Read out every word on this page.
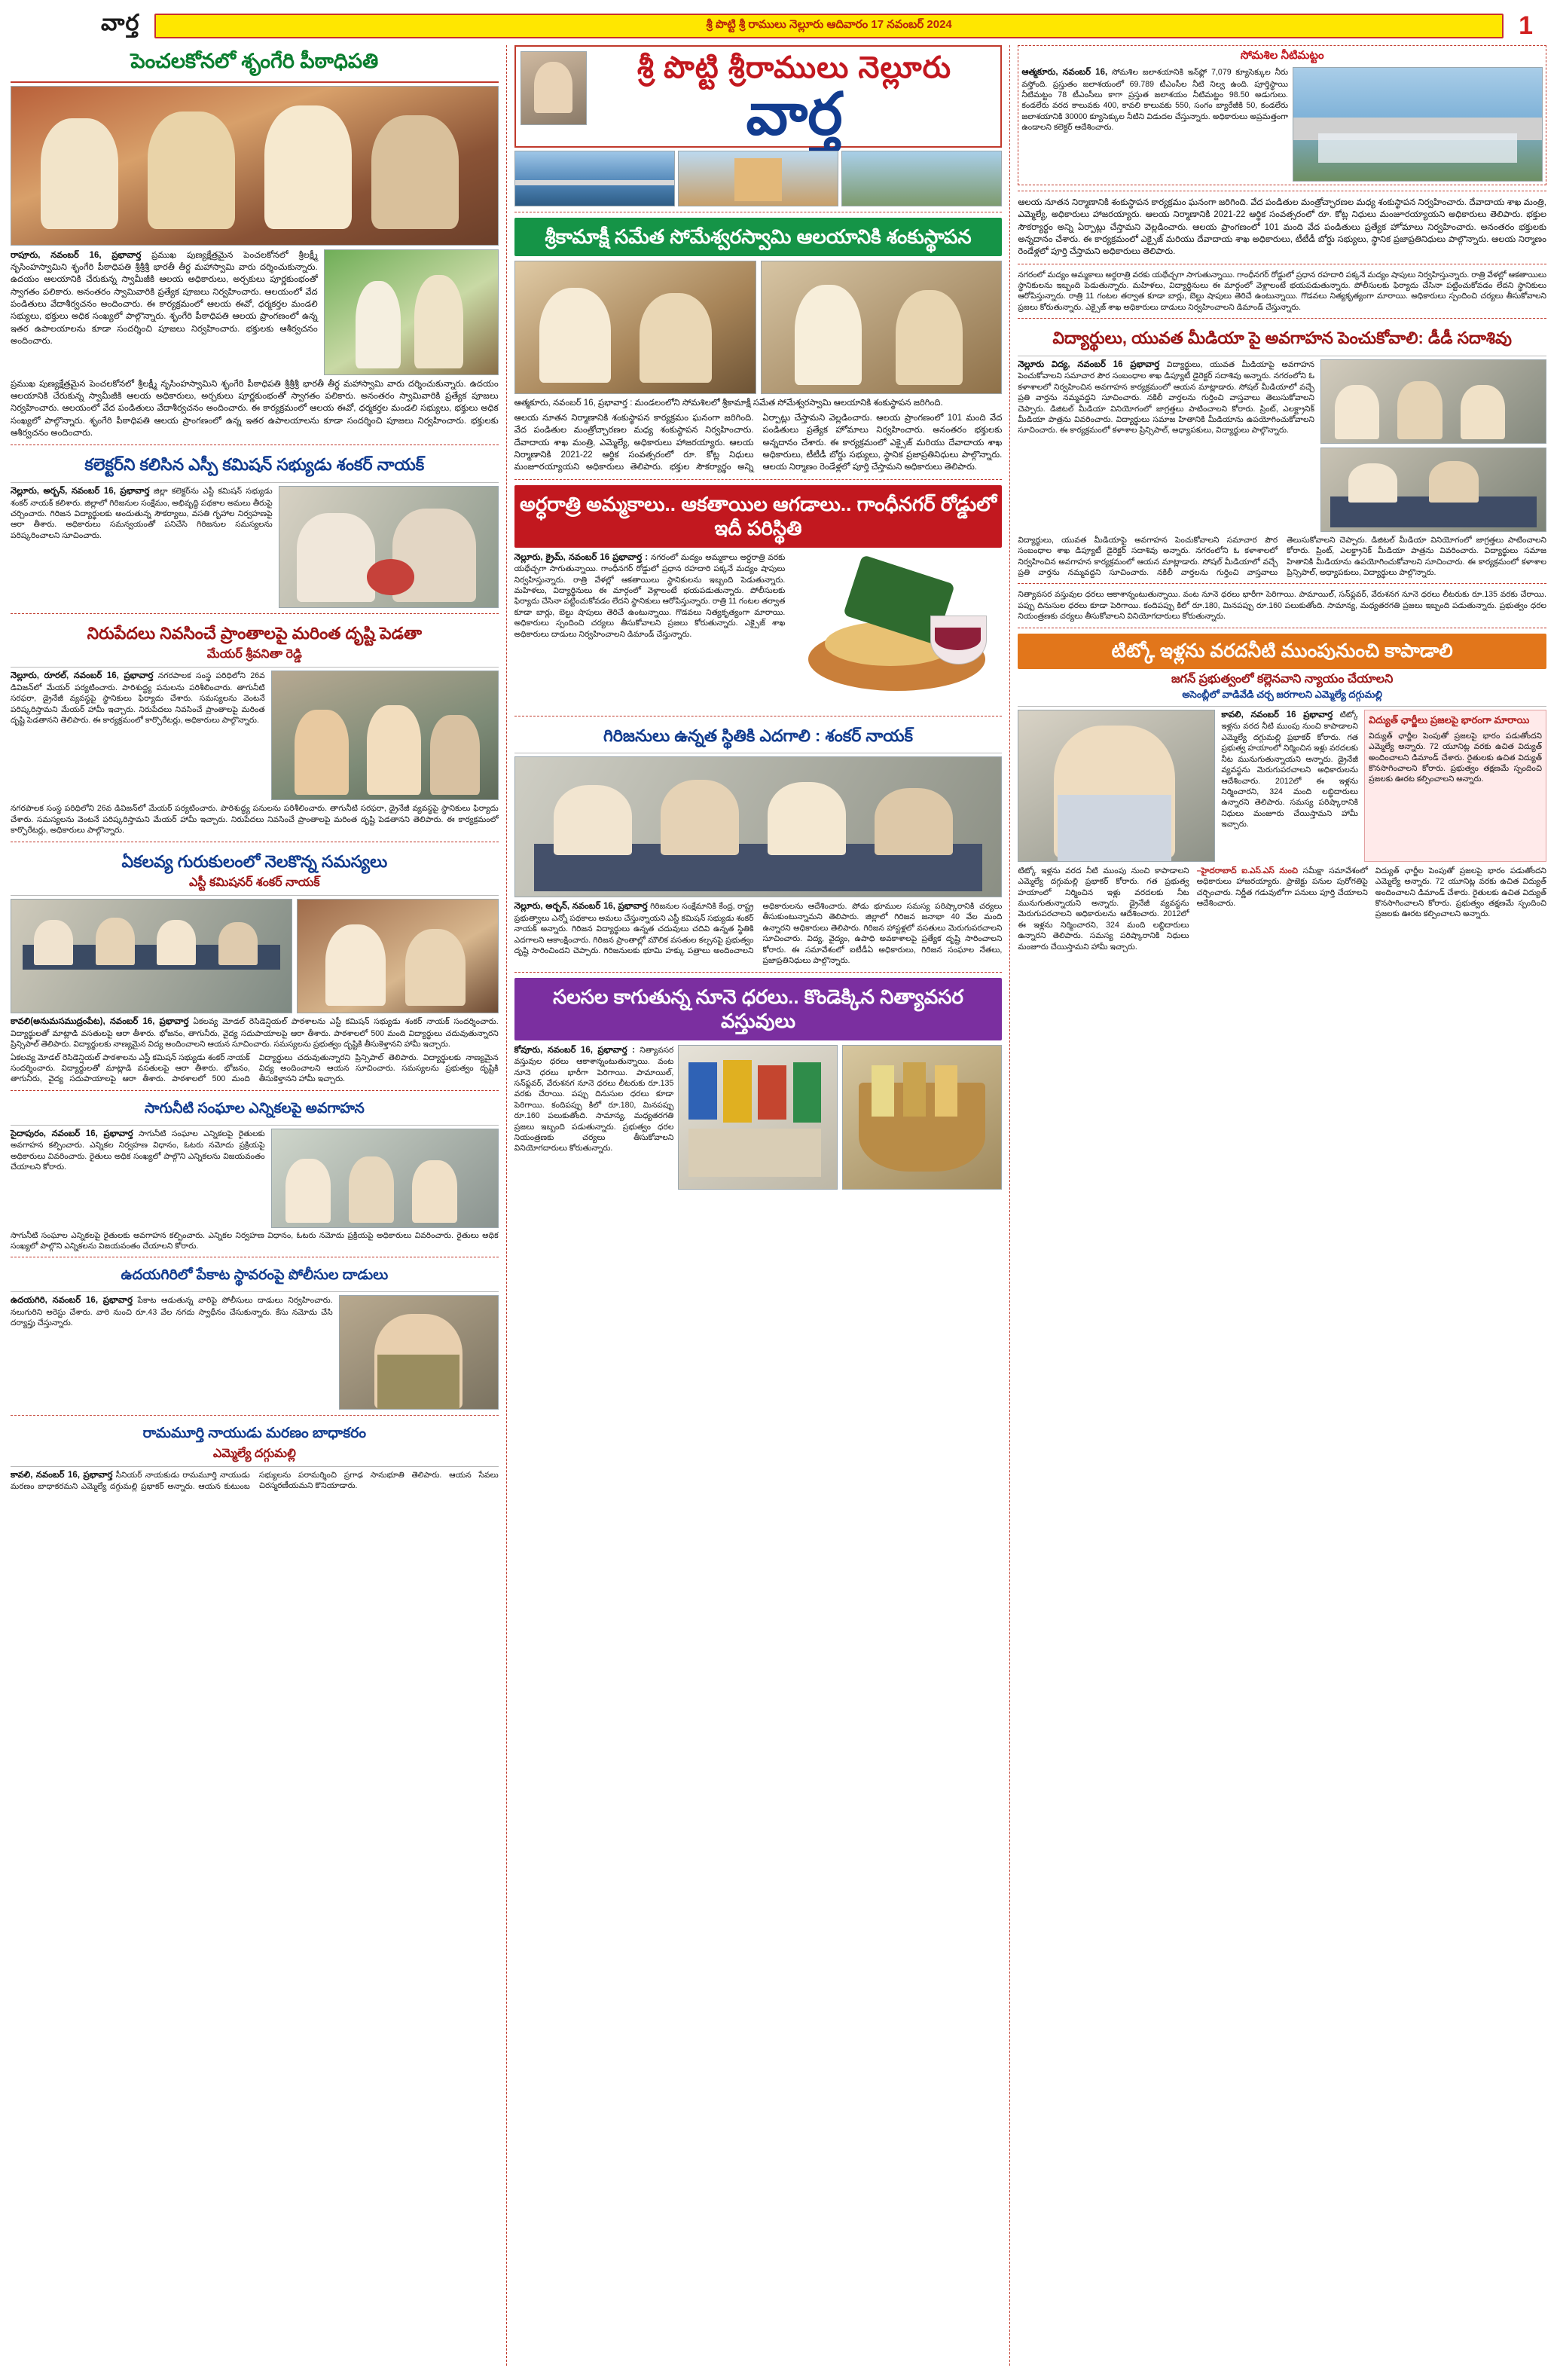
వార్త	శ్రీ పొట్టి శ్రీ రాములు నెల్లూరు ఆదివారం 17 నవంబర్ 2024	1
పెంచలకోనలో శృంగేరి పీఠాధిపతి
రాపూరు, నవంబర్ 16, ప్రభావార్త ప్రముఖ పుణ్యక్షేత్రమైన పెంచలకోనలో శ్రీలక్ష్మీ నృసింహస్వామిని శృంగేరి పీఠాధిపతి శ్రీశ్రీశ్రీ భారతీ తీర్థ మహాస్వామి వారు దర్శించుకున్నారు. ఉదయం ఆలయానికి చేరుకున్న స్వామీజీకి ఆలయ అధికారులు, అర్చకులు పూర్ణకుంభంతో స్వాగతం పలికారు. అనంతరం స్వామివారికి ప్రత్యేక పూజలు నిర్వహించారు. ఆలయంలో వేద పండితులు వేదాశీర్వచనం అందించారు. ఈ కార్యక్రమంలో ఆలయ ఈవో, ధర్మకర్తల మండలి సభ్యులు, భక్తులు అధిక సంఖ్యలో పాల్గొన్నారు. శృంగేరి పీఠాధిపతి ఆలయ ప్రాంగణంలో ఉన్న ఇతర ఉపాలయాలను కూడా సందర్శించి పూజలు నిర్వహించారు. భక్తులకు ఆశీర్వచనం అందించారు.
ప్రముఖ పుణ్యక్షేత్రమైన పెంచలకోనలో శ్రీలక్ష్మీ నృసింహస్వామిని శృంగేరి పీఠాధిపతి శ్రీశ్రీశ్రీ భారతీ తీర్థ మహాస్వామి వారు దర్శించుకున్నారు. ఉదయం ఆలయానికి చేరుకున్న స్వామీజీకి ఆలయ అధికారులు, అర్చకులు పూర్ణకుంభంతో స్వాగతం పలికారు. అనంతరం స్వామివారికి ప్రత్యేక పూజలు నిర్వహించారు. ఆలయంలో వేద పండితులు వేదాశీర్వచనం అందించారు. ఈ కార్యక్రమంలో ఆలయ ఈవో, ధర్మకర్తల మండలి సభ్యులు, భక్తులు అధిక సంఖ్యలో పాల్గొన్నారు. శృంగేరి పీఠాధిపతి ఆలయ ప్రాంగణంలో ఉన్న ఇతర ఉపాలయాలను కూడా సందర్శించి పూజలు నిర్వహించారు. భక్తులకు ఆశీర్వచనం అందించారు.
కలెక్టర్‌ని కలిసిన ఎస్పీ కమిషన్ సభ్యుడు శంకర్ నాయక్
నెల్లూరు, అర్బన్, నవంబర్ 16, ప్రభావార్త జిల్లా కలెక్టర్‌ను ఎస్టీ కమిషన్ సభ్యుడు శంకర్ నాయక్ కలిశారు. జిల్లాలో గిరిజనుల సంక్షేమం, అభివృద్ధి పథకాల అమలు తీరుపై చర్చించారు. గిరిజన విద్యార్థులకు అందుతున్న సౌకర్యాలు, వసతి గృహాల నిర్వహణపై ఆరా తీశారు. అధికారులు సమన్వయంతో పనిచేసి గిరిజనుల సమస్యలను పరిష్కరించాలని సూచించారు.
నిరుపేదలు నివసించే ప్రాంతాలపై మరింత దృష్టి పెడతా
మేయర్ శ్రీవనితా రెడ్డి
నెల్లూరు, రూరల్, నవంబర్ 16, ప్రభావార్త నగరపాలక సంస్థ పరిధిలోని 26వ డివిజన్‌లో మేయర్ పర్యటించారు. పారిశుద్ధ్య పనులను పరిశీలించారు. తాగునీటి సరఫరా, డ్రైనేజీ వ్యవస్థపై స్థానికులు ఫిర్యాదు చేశారు. సమస్యలను వెంటనే పరిష్కరిస్తామని మేయర్ హామీ ఇచ్చారు. నిరుపేదలు నివసించే ప్రాంతాలపై మరింత దృష్టి పెడతానని తెలిపారు. ఈ కార్యక్రమంలో కార్పొరేటర్లు, అధికారులు పాల్గొన్నారు.
నగరపాలక సంస్థ పరిధిలోని 26వ డివిజన్‌లో మేయర్ పర్యటించారు. పారిశుద్ధ్య పనులను పరిశీలించారు. తాగునీటి సరఫరా, డ్రైనేజీ వ్యవస్థపై స్థానికులు ఫిర్యాదు చేశారు. సమస్యలను వెంటనే పరిష్కరిస్తామని మేయర్ హామీ ఇచ్చారు. నిరుపేదలు నివసించే ప్రాంతాలపై మరింత దృష్టి పెడతానని తెలిపారు. ఈ కార్యక్రమంలో కార్పొరేటర్లు, అధికారులు పాల్గొన్నారు.
ఏకలవ్య గురుకులంలో నెలకొన్న సమస్యలు
ఎస్టీ కమిషనర్ శంకర్ నాయక్
కావలి(అనుమసముద్రంపేట), నవంబర్ 16, ప్రభావార్త ఏకలవ్య మోడల్ రెసిడెన్షియల్ పాఠశాలను ఎస్టీ కమిషన్ సభ్యుడు శంకర్ నాయక్ సందర్శించారు. విద్యార్థులతో మాట్లాడి వసతులపై ఆరా తీశారు. భోజనం, తాగునీరు, వైద్య సదుపాయాలపై ఆరా తీశారు. పాఠశాలలో 500 మంది విద్యార్థులు చదువుతున్నారని ప్రిన్సిపాల్ తెలిపారు. విద్యార్థులకు నాణ్యమైన విద్య అందించాలని ఆయన సూచించారు. సమస్యలను ప్రభుత్వం దృష్టికి తీసుకెళ్తానని హామీ ఇచ్చారు.
ఏకలవ్య మోడల్ రెసిడెన్షియల్ పాఠశాలను ఎస్టీ కమిషన్ సభ్యుడు శంకర్ నాయక్ సందర్శించారు. విద్యార్థులతో మాట్లాడి వసతులపై ఆరా తీశారు. భోజనం, తాగునీరు, వైద్య సదుపాయాలపై ఆరా తీశారు. పాఠశాలలో 500 మంది విద్యార్థులు చదువుతున్నారని ప్రిన్సిపాల్ తెలిపారు. విద్యార్థులకు నాణ్యమైన విద్య అందించాలని ఆయన సూచించారు. సమస్యలను ప్రభుత్వం దృష్టికి తీసుకెళ్తానని హామీ ఇచ్చారు.
సాగునీటి సంఘాల ఎన్నికలపై అవగాహన
సైదాపురం, నవంబర్ 16, ప్రభావార్త సాగునీటి సంఘాల ఎన్నికలపై రైతులకు అవగాహన కల్పించారు. ఎన్నికల నిర్వహణ విధానం, ఓటరు నమోదు ప్రక్రియపై అధికారులు వివరించారు. రైతులు అధిక సంఖ్యలో పాల్గొని ఎన్నికలను విజయవంతం చేయాలని కోరారు.
సాగునీటి సంఘాల ఎన్నికలపై రైతులకు అవగాహన కల్పించారు. ఎన్నికల నిర్వహణ విధానం, ఓటరు నమోదు ప్రక్రియపై అధికారులు వివరించారు. రైతులు అధిక సంఖ్యలో పాల్గొని ఎన్నికలను విజయవంతం చేయాలని కోరారు.
ఉదయగిరిలో పేకాట స్థావరంపై పోలీసుల దాడులు
ఉదయగిరి, నవంబర్ 16, ప్రభావార్త పేకాట ఆడుతున్న వారిపై పోలీసులు దాడులు నిర్వహించారు. నలుగురిని అరెస్టు చేశారు. వారి నుంచి రూ.43 వేల నగదు స్వాధీనం చేసుకున్నారు. కేసు నమోదు చేసి దర్యాప్తు చేస్తున్నారు.
రామమూర్తి నాయుడు మరణం బాధాకరం
ఎమ్మెల్యే దగ్గుమల్లి
కావలి, నవంబర్ 16, ప్రభావార్త సీనియర్ నాయకుడు రామమూర్తి నాయుడు మరణం బాధాకరమని ఎమ్మెల్యే దగ్గుమల్లి ప్రభాకర్ అన్నారు. ఆయన కుటుంబ సభ్యులను పరామర్శించి ప్రగాఢ సానుభూతి తెలిపారు. ఆయన సేవలు చిరస్మరణీయమని కొనియాడారు.
శ్రీ పొట్టి శ్రీరాములు నెల్లూరు
వార్త
శ్రీకామాక్షీ సమేత సోమేశ్వరస్వామి ఆలయానికి శంకుస్థాపన
ఆత్మకూరు, నవంబర్ 16, ప్రభావార్త : మండలంలోని సోమశిలలో శ్రీకామాక్షీ సమేత సోమేశ్వరస్వామి ఆలయానికి శంకుస్థాపన జరిగింది.
ఆలయ నూతన నిర్మాణానికి శంకుస్థాపన కార్యక్రమం ఘనంగా జరిగింది. వేద పండితుల మంత్రోచ్ఛారణల మధ్య శంకుస్థాపన నిర్వహించారు. దేవాదాయ శాఖ మంత్రి, ఎమ్మెల్యే, అధికారులు హాజరయ్యారు. ఆలయ నిర్మాణానికి 2021-22 ఆర్థిక సంవత్సరంలో రూ. కోట్ల నిధులు మంజూరయ్యాయని అధికారులు తెలిపారు. భక్తుల సౌకర్యార్థం అన్ని ఏర్పాట్లు చేస్తామని వెల్లడించారు. ఆలయ ప్రాంగణంలో 101 మంది వేద పండితులు ప్రత్యేక హోమాలు నిర్వహించారు. అనంతరం భక్తులకు అన్నదానం చేశారు. ఈ కార్యక్రమంలో ఎక్సైజ్ మరియు దేవాదాయ శాఖ అధికారులు, టీటీడీ బోర్డు సభ్యులు, స్థానిక ప్రజాప్రతినిధులు పాల్గొన్నారు. ఆలయ నిర్మాణం రెండేళ్లలో పూర్తి చేస్తామని అధికారులు తెలిపారు.
అర్ధరాత్రి అమ్మకాలు.. ఆకతాయిల ఆగడాలు.. గాంధీనగర్ రోడ్డులో ఇదీ పరిస్థితి
నెల్లూరు, క్రైమ్, నవంబర్ 16 ప్రభావార్త : నగరంలో మద్యం అమ్మకాలు అర్ధరాత్రి వరకు యథేచ్ఛగా సాగుతున్నాయి. గాంధీనగర్ రోడ్డులో ప్రధాన రహదారి పక్కనే మద్యం షాపులు నిర్వహిస్తున్నారు. రాత్రి వేళల్లో ఆకతాయిలు స్థానికులను ఇబ్బంది పెడుతున్నారు. మహిళలు, విద్యార్థినులు ఈ మార్గంలో వెళ్లాలంటే భయపడుతున్నారు. పోలీసులకు ఫిర్యాదు చేసినా పట్టించుకోవడం లేదని స్థానికులు ఆరోపిస్తున్నారు. రాత్రి 11 గంటల తర్వాత కూడా బార్లు, బెల్టు షాపులు తెరిచే ఉంటున్నాయి. గొడవలు నిత్యకృత్యంగా మారాయి. అధికారులు స్పందించి చర్యలు తీసుకోవాలని ప్రజలు కోరుతున్నారు. ఎక్సైజ్ శాఖ అధికారులు దాడులు నిర్వహించాలని డిమాండ్ చేస్తున్నారు.
గిరిజనులు ఉన్నత స్థితికి ఎదగాలి : శంకర్ నాయక్
నెల్లూరు, అర్బన్, నవంబర్ 16, ప్రభావార్త గిరిజనుల సంక్షేమానికి కేంద్ర, రాష్ట్ర ప్రభుత్వాలు ఎన్నో పథకాలు అమలు చేస్తున్నాయని ఎస్టీ కమిషన్ సభ్యుడు శంకర్ నాయక్ అన్నారు. గిరిజన విద్యార్థులు ఉన్నత చదువులు చదివి ఉన్నత స్థితికి ఎదగాలని ఆకాంక్షించారు. గిరిజన ప్రాంతాల్లో మౌలిక వసతుల కల్పనపై ప్రభుత్వం దృష్టి సారించిందని చెప్పారు. గిరిజనులకు భూమి హక్కు పత్రాలు అందించాలని అధికారులను ఆదేశించారు. పోడు భూముల సమస్య పరిష్కారానికి చర్యలు తీసుకుంటున్నామని తెలిపారు. జిల్లాలో గిరిజన జనాభా 40 వేల మంది ఉన్నారని అధికారులు తెలిపారు. గిరిజన హాస్టళ్లలో వసతులు మెరుగుపరచాలని సూచించారు. విద్య, వైద్యం, ఉపాధి అవకాశాలపై ప్రత్యేక దృష్టి సారించాలని కోరారు. ఈ సమావేశంలో ఐటీడీఏ అధికారులు, గిరిజన సంఘాల నేతలు, ప్రజాప్రతినిధులు పాల్గొన్నారు.
సలసల కాగుతున్న నూనె ధరలు.. కొండెక్కిన నిత్యావసర వస్తువులు
కోవూరు, నవంబర్ 16, ప్రభావార్త : నిత్యావసర వస్తువుల ధరలు ఆకాశాన్నంటుతున్నాయి. వంట నూనె ధరలు భారీగా పెరిగాయి. పామాయిల్, సన్‌ఫ్లవర్, వేరుశనగ నూనె ధరలు లీటరుకు రూ.135 వరకు చేరాయి. పప్పు దినుసుల ధరలు కూడా పెరిగాయి. కందిపప్పు కిలో రూ.180, మినపప్పు రూ.160 పలుకుతోంది. సామాన్య, మధ్యతరగతి ప్రజలు ఇబ్బంది పడుతున్నారు. ప్రభుత్వం ధరల నియంత్రణకు చర్యలు తీసుకోవాలని వినియోగదారులు కోరుతున్నారు.
సోమశిల నీటిమట్టం
ఆత్మకూరు, నవంబర్ 16, సోమశిల జలాశయానికి ఇన్‌ఫ్లో 7,079 క్యూసెక్కుల నీరు వస్తోంది. ప్రస్తుతం జలాశయంలో 69.789 టీఎంసీల నీటి నిల్వ ఉంది. పూర్తిస్థాయి నీటిమట్టం 78 టీఎంసీలు కాగా ప్రస్తుత జలాశయం నీటిమట్టం 98.50 అడుగులు. కండలేరు వరద కాలువకు 400, కావలి కాలువకు 550, సంగం బ్యారేజీకి 50, కండలేరు జలాశయానికి 30000 క్యూసెక్కుల నీటిని విడుదల చేస్తున్నారు. అధికారులు అప్రమత్తంగా ఉండాలని కలెక్టర్ ఆదేశించారు.
ఆలయ నూతన నిర్మాణానికి శంకుస్థాపన కార్యక్రమం ఘనంగా జరిగింది. వేద పండితుల మంత్రోచ్ఛారణల మధ్య శంకుస్థాపన నిర్వహించారు. దేవాదాయ శాఖ మంత్రి, ఎమ్మెల్యే, అధికారులు హాజరయ్యారు. ఆలయ నిర్మాణానికి 2021-22 ఆర్థిక సంవత్సరంలో రూ. కోట్ల నిధులు మంజూరయ్యాయని అధికారులు తెలిపారు. భక్తుల సౌకర్యార్థం అన్ని ఏర్పాట్లు చేస్తామని వెల్లడించారు. ఆలయ ప్రాంగణంలో 101 మంది వేద పండితులు ప్రత్యేక హోమాలు నిర్వహించారు. అనంతరం భక్తులకు అన్నదానం చేశారు. ఈ కార్యక్రమంలో ఎక్సైజ్ మరియు దేవాదాయ శాఖ అధికారులు, టీటీడీ బోర్డు సభ్యులు, స్థానిక ప్రజాప్రతినిధులు పాల్గొన్నారు. ఆలయ నిర్మాణం రెండేళ్లలో పూర్తి చేస్తామని అధికారులు తెలిపారు.
నగరంలో మద్యం అమ్మకాలు అర్ధరాత్రి వరకు యథేచ్ఛగా సాగుతున్నాయి. గాంధీనగర్ రోడ్డులో ప్రధాన రహదారి పక్కనే మద్యం షాపులు నిర్వహిస్తున్నారు. రాత్రి వేళల్లో ఆకతాయిలు స్థానికులను ఇబ్బంది పెడుతున్నారు. మహిళలు, విద్యార్థినులు ఈ మార్గంలో వెళ్లాలంటే భయపడుతున్నారు. పోలీసులకు ఫిర్యాదు చేసినా పట్టించుకోవడం లేదని స్థానికులు ఆరోపిస్తున్నారు. రాత్రి 11 గంటల తర్వాత కూడా బార్లు, బెల్టు షాపులు తెరిచే ఉంటున్నాయి. గొడవలు నిత్యకృత్యంగా మారాయి. అధికారులు స్పందించి చర్యలు తీసుకోవాలని ప్రజలు కోరుతున్నారు. ఎక్సైజ్ శాఖ అధికారులు దాడులు నిర్వహించాలని డిమాండ్ చేస్తున్నారు.
విద్యార్థులు, యువత మీడియా పై అవగాహన పెంచుకోవాలి: డీడీ సదాశివు
నెల్లూరు విద్య, నవంబర్ 16 ప్రభావార్త విద్యార్థులు, యువత మీడియాపై అవగాహన పెంచుకోవాలని సమాచార పౌర సంబంధాల శాఖ డిప్యూటీ డైరెక్టర్ సదాశివు అన్నారు. నగరంలోని ఓ కళాశాలలో నిర్వహించిన అవగాహన కార్యక్రమంలో ఆయన మాట్లాడారు. సోషల్ మీడియాలో వచ్చే ప్రతి వార్తను నమ్మవద్దని సూచించారు. నకిలీ వార్తలను గుర్తించి వాస్తవాలు తెలుసుకోవాలని చెప్పారు. డిజిటల్ మీడియా వినియోగంలో జాగ్రత్తలు పాటించాలని కోరారు. ప్రింట్, ఎలక్ట్రానిక్ మీడియా పాత్రను వివరించారు. విద్యార్థులు సమాజ హితానికి మీడియాను ఉపయోగించుకోవాలని సూచించారు. ఈ కార్యక్రమంలో కళాశాల ప్రిన్సిపాల్, అధ్యాపకులు, విద్యార్థులు పాల్గొన్నారు.
విద్యార్థులు, యువత మీడియాపై అవగాహన పెంచుకోవాలని సమాచార పౌర సంబంధాల శాఖ డిప్యూటీ డైరెక్టర్ సదాశివు అన్నారు. నగరంలోని ఓ కళాశాలలో నిర్వహించిన అవగాహన కార్యక్రమంలో ఆయన మాట్లాడారు. సోషల్ మీడియాలో వచ్చే ప్రతి వార్తను నమ్మవద్దని సూచించారు. నకిలీ వార్తలను గుర్తించి వాస్తవాలు తెలుసుకోవాలని చెప్పారు. డిజిటల్ మీడియా వినియోగంలో జాగ్రత్తలు పాటించాలని కోరారు. ప్రింట్, ఎలక్ట్రానిక్ మీడియా పాత్రను వివరించారు. విద్యార్థులు సమాజ హితానికి మీడియాను ఉపయోగించుకోవాలని సూచించారు. ఈ కార్యక్రమంలో కళాశాల ప్రిన్సిపాల్, అధ్యాపకులు, విద్యార్థులు పాల్గొన్నారు.
నిత్యావసర వస్తువుల ధరలు ఆకాశాన్నంటుతున్నాయి. వంట నూనె ధరలు భారీగా పెరిగాయి. పామాయిల్, సన్‌ఫ్లవర్, వేరుశనగ నూనె ధరలు లీటరుకు రూ.135 వరకు చేరాయి. పప్పు దినుసుల ధరలు కూడా పెరిగాయి. కందిపప్పు కిలో రూ.180, మినపప్పు రూ.160 పలుకుతోంది. సామాన్య, మధ్యతరగతి ప్రజలు ఇబ్బంది పడుతున్నారు. ప్రభుత్వం ధరల నియంత్రణకు చర్యలు తీసుకోవాలని వినియోగదారులు కోరుతున్నారు.
టిట్కో ఇళ్లను వరదనీటి ముంపునుంచి కాపాడాలి
జగన్ ప్రభుత్వంలో కల్లెనవాని న్యాయం చేయాలని
అసెంబ్లీలో వాడివేడి చర్చ జరగాలని ఎమ్మెల్యే దగ్గుమల్లి
కావలి, నవంబర్ 16 ప్రభావార్త టిట్కో ఇళ్లను వరద నీటి ముంపు నుంచి కాపాడాలని ఎమ్మెల్యే దగ్గుమల్లి ప్రభాకర్ కోరారు. గత ప్రభుత్వ హయాంలో నిర్మించిన ఇళ్లు వరదలకు నీట మునుగుతున్నాయని అన్నారు. డ్రైనేజీ వ్యవస్థను మెరుగుపరచాలని అధికారులను ఆదేశించారు. 2012లో ఈ ఇళ్లను నిర్మించారని, 324 మంది లబ్ధిదారులు ఉన్నారని తెలిపారు. సమస్య పరిష్కారానికి నిధులు మంజూరు చేయిస్తామని హామీ ఇచ్చారు.
విద్యుత్ ఛార్జీలు ప్రజలపై భారంగా మారాయి
విద్యుత్ ఛార్జీల పెంపుతో ప్రజలపై భారం పడుతోందని ఎమ్మెల్యే అన్నారు. 72 యూనిట్ల వరకు ఉచిత విద్యుత్ అందించాలని డిమాండ్ చేశారు. రైతులకు ఉచిత విద్యుత్ కొనసాగించాలని కోరారు. ప్రభుత్వం తక్షణమే స్పందించి ప్రజలకు ఊరట కల్పించాలని అన్నారు.
టిట్కో ఇళ్లను వరద నీటి ముంపు నుంచి కాపాడాలని ఎమ్మెల్యే దగ్గుమల్లి ప్రభాకర్ కోరారు. గత ప్రభుత్వ హయాంలో నిర్మించిన ఇళ్లు వరదలకు నీట మునుగుతున్నాయని అన్నారు. డ్రైనేజీ వ్యవస్థను మెరుగుపరచాలని అధికారులను ఆదేశించారు. 2012లో ఈ ఇళ్లను నిర్మించారని, 324 మంది లబ్ధిదారులు ఉన్నారని తెలిపారు. సమస్య పరిష్కారానికి నిధులు మంజూరు చేయిస్తామని హామీ ఇచ్చారు.
–హైదరాబాద్ ఐ.ఎస్.ఎస్ నుంచి సమీక్షా సమావేశంలో అధికారులు హాజరయ్యారు. ప్రాజెక్టు పనుల పురోగతిపై చర్చించారు. నిర్ణీత గడువులోగా పనులు పూర్తి చేయాలని ఆదేశించారు.
విద్యుత్ ఛార్జీల పెంపుతో ప్రజలపై భారం పడుతోందని ఎమ్మెల్యే అన్నారు. 72 యూనిట్ల వరకు ఉచిత విద్యుత్ అందించాలని డిమాండ్ చేశారు. రైతులకు ఉచిత విద్యుత్ కొనసాగించాలని కోరారు. ప్రభుత్వం తక్షణమే స్పందించి ప్రజలకు ఊరట కల్పించాలని అన్నారు.
